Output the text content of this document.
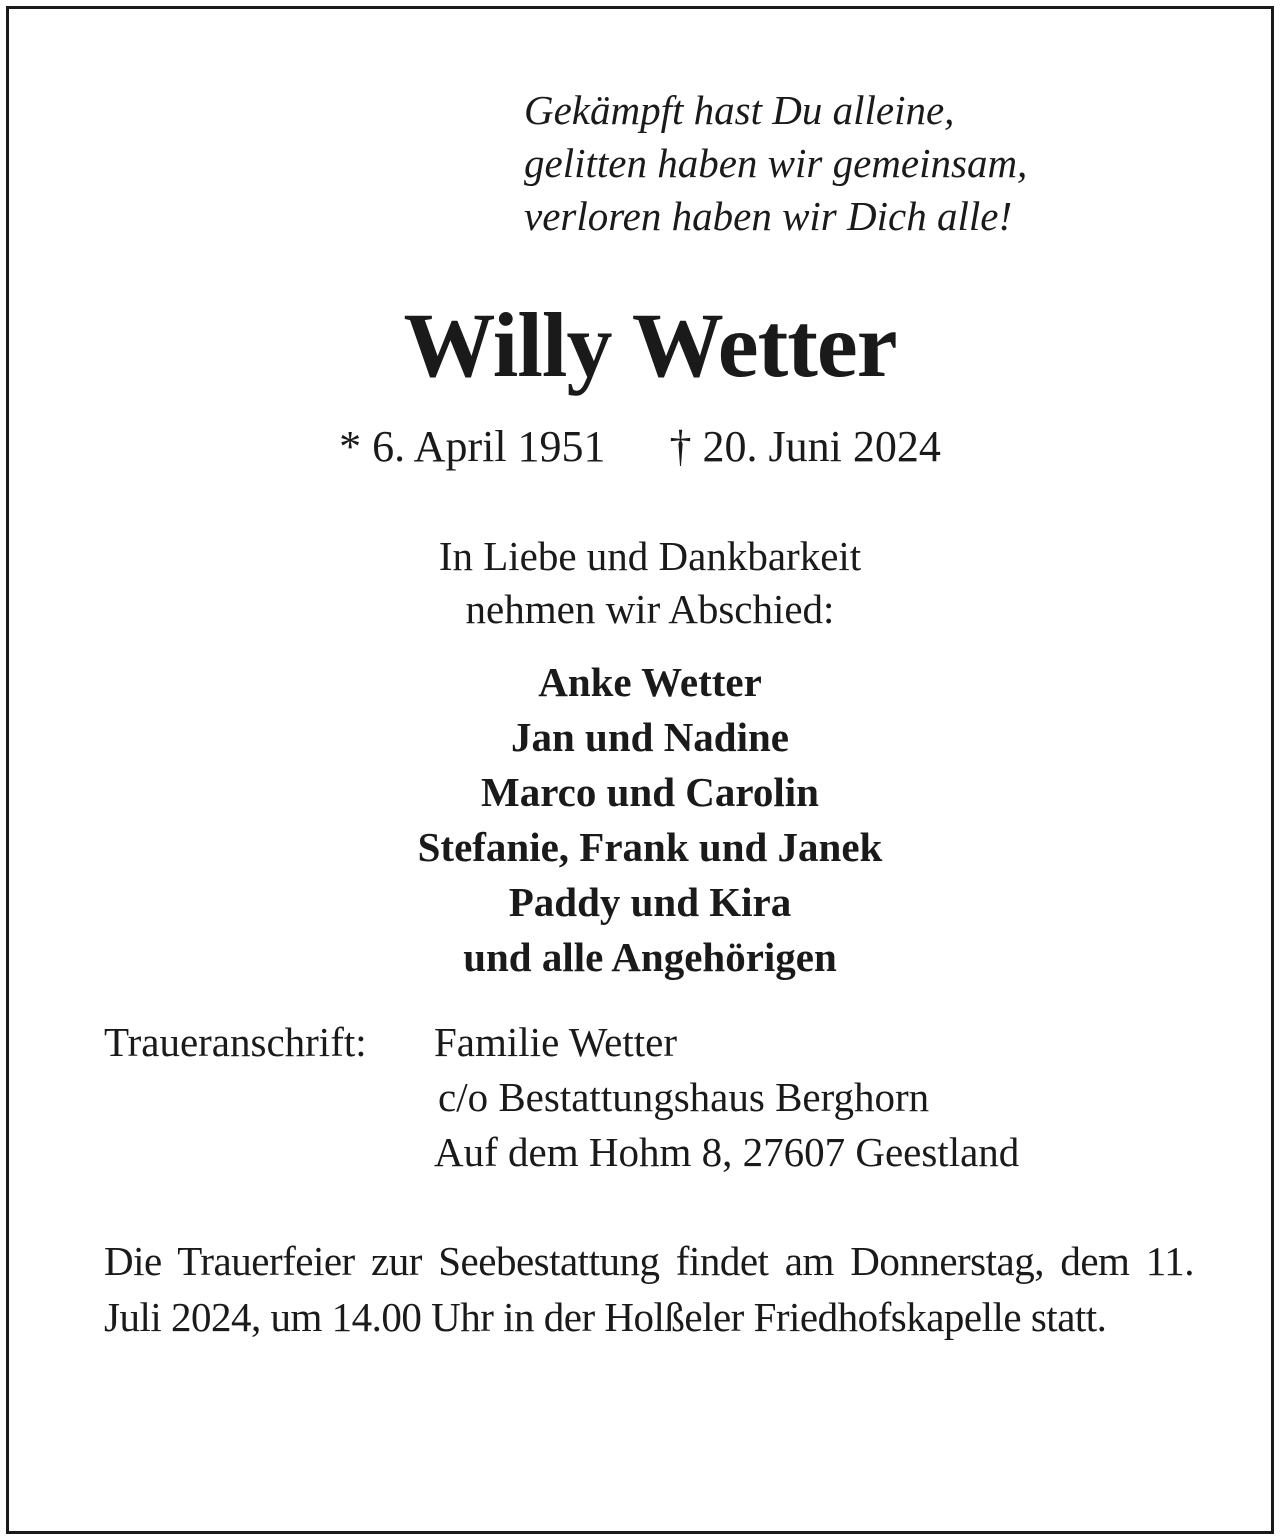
Gekämpft hast Du alleine,
gelitten haben wir gemeinsam,
verloren haben wir Dich alle!
Willy Wetter
* 6. April 1951 † 20. Juni 2024
In Liebe und Dankbarkeit
nehmen wir Abschied:
Anke Wetter
Jan und Nadine
Marco und Carolin
Stefanie, Frank und Janek
Paddy und Kira
und alle Angehörigen
Traueranschrift: Familie Wetter
c/o Bestattungshaus Berghorn
Auf dem Hohm 8, 27607 Geestland
Die Trauerfeier zur Seebestattung findet am Donnerstag, dem 11. Juli 2024, um 14.00 Uhr in der Holßeler Friedhofskapelle statt.
